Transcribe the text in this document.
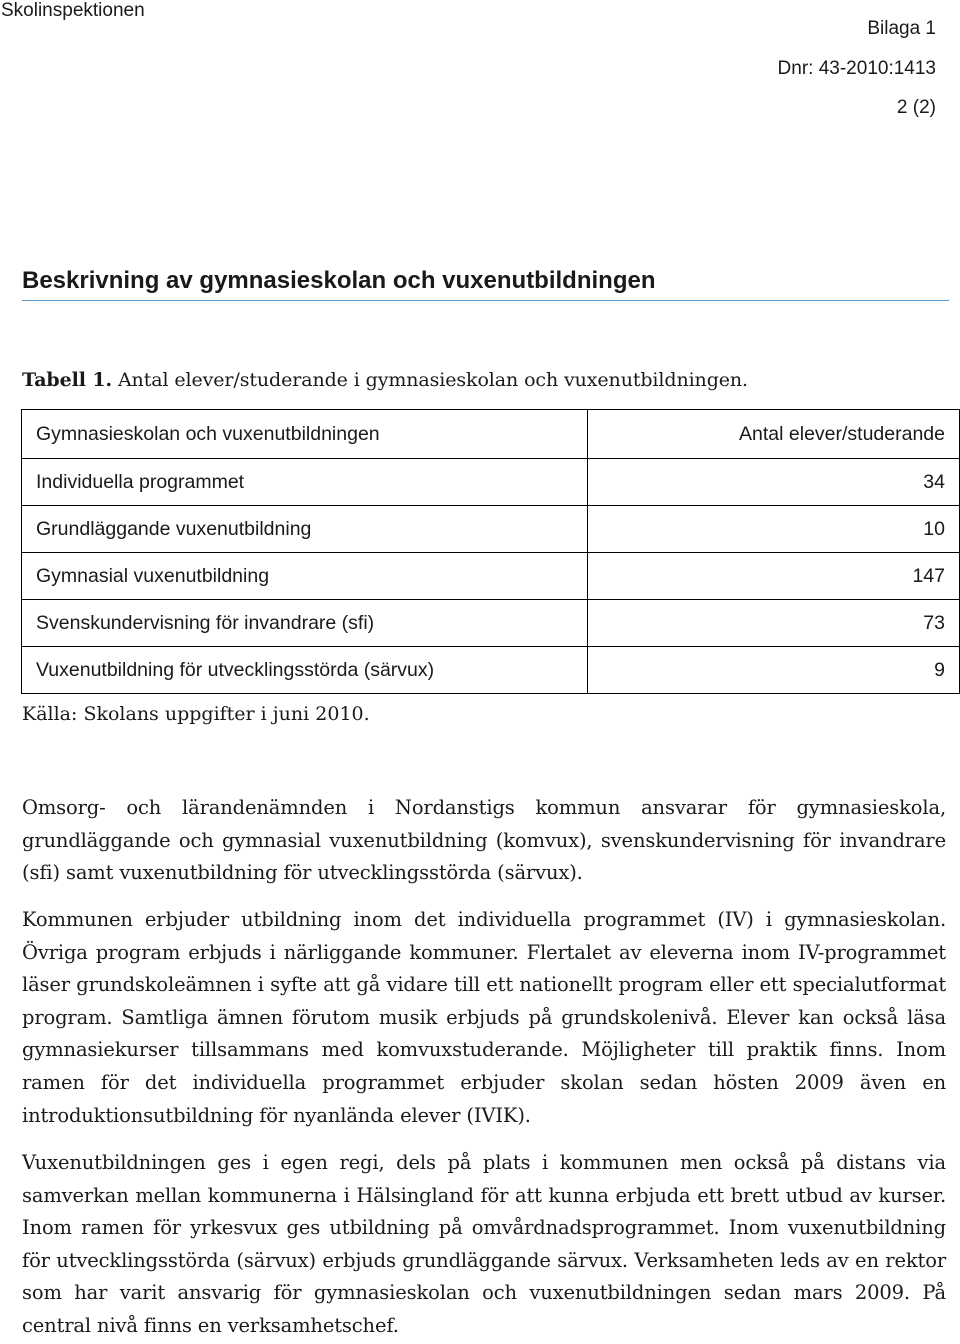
Skolinspektionen
Bilaga 1
Dnr: 43-2010:1413
2 (2)
Beskrivning av gymnasieskolan och vuxenutbildningen
Tabell 1. Antal elever/studerande i gymnasieskolan och vuxenutbildningen.
Gymnasieskolan och vuxenutbildningen	Antal elever/studerande
Individuella programmet	34
Grundläggande vuxenutbildning	10
Gymnasial vuxenutbildning	147
Svenskundervisning för invandrare (sfi)	73
Vuxenutbildning för utvecklingsstörda (särvux)	9
Källa: Skolans uppgifter i juni 2010.

Omsorg- och lärandenämnden i Nordanstigs kommun ansvarar för gymnasieskola, grundläggande och gymnasial vuxenutbildning (komvux), svenskundervisning för invandrare (sfi) samt vuxenutbildning för utvecklingsstörda (särvux).

Kommunen erbjuder utbildning inom det individuella programmet (IV) i gymnasieskolan. Övriga program erbjuds i närliggande kommuner. Flertalet av eleverna inom IV-programmet läser grundskoleämnen i syfte att gå vidare till ett nationellt program eller ett specialutformat program. Samtliga ämnen förutom musik erbjuds på grundskolenivå. Elever kan också läsa gymnasiekurser tillsammans med komvuxstuderande. Möjligheter till praktik finns. Inom ramen för det individuella programmet erbjuder skolan sedan hösten 2009 även en introduktionsutbildning för nyanlända elever (IVIK).

Vuxenutbildningen ges i egen regi, dels på plats i kommunen men också på distans via samverkan mellan kommunerna i Hälsingland för att kunna erbjuda ett brett utbud av kurser. Inom ramen för yrkesvux ges utbildning på omvårdnadsprogrammet. Inom vuxenutbildning för utvecklingsstörda (särvux) erbjuds grundläggande särvux. Verksamheten leds av en rektor som har varit ansvarig för gymnasieskolan och vuxenutbildningen sedan mars 2009. På central nivå finns en verksamhetschef.
